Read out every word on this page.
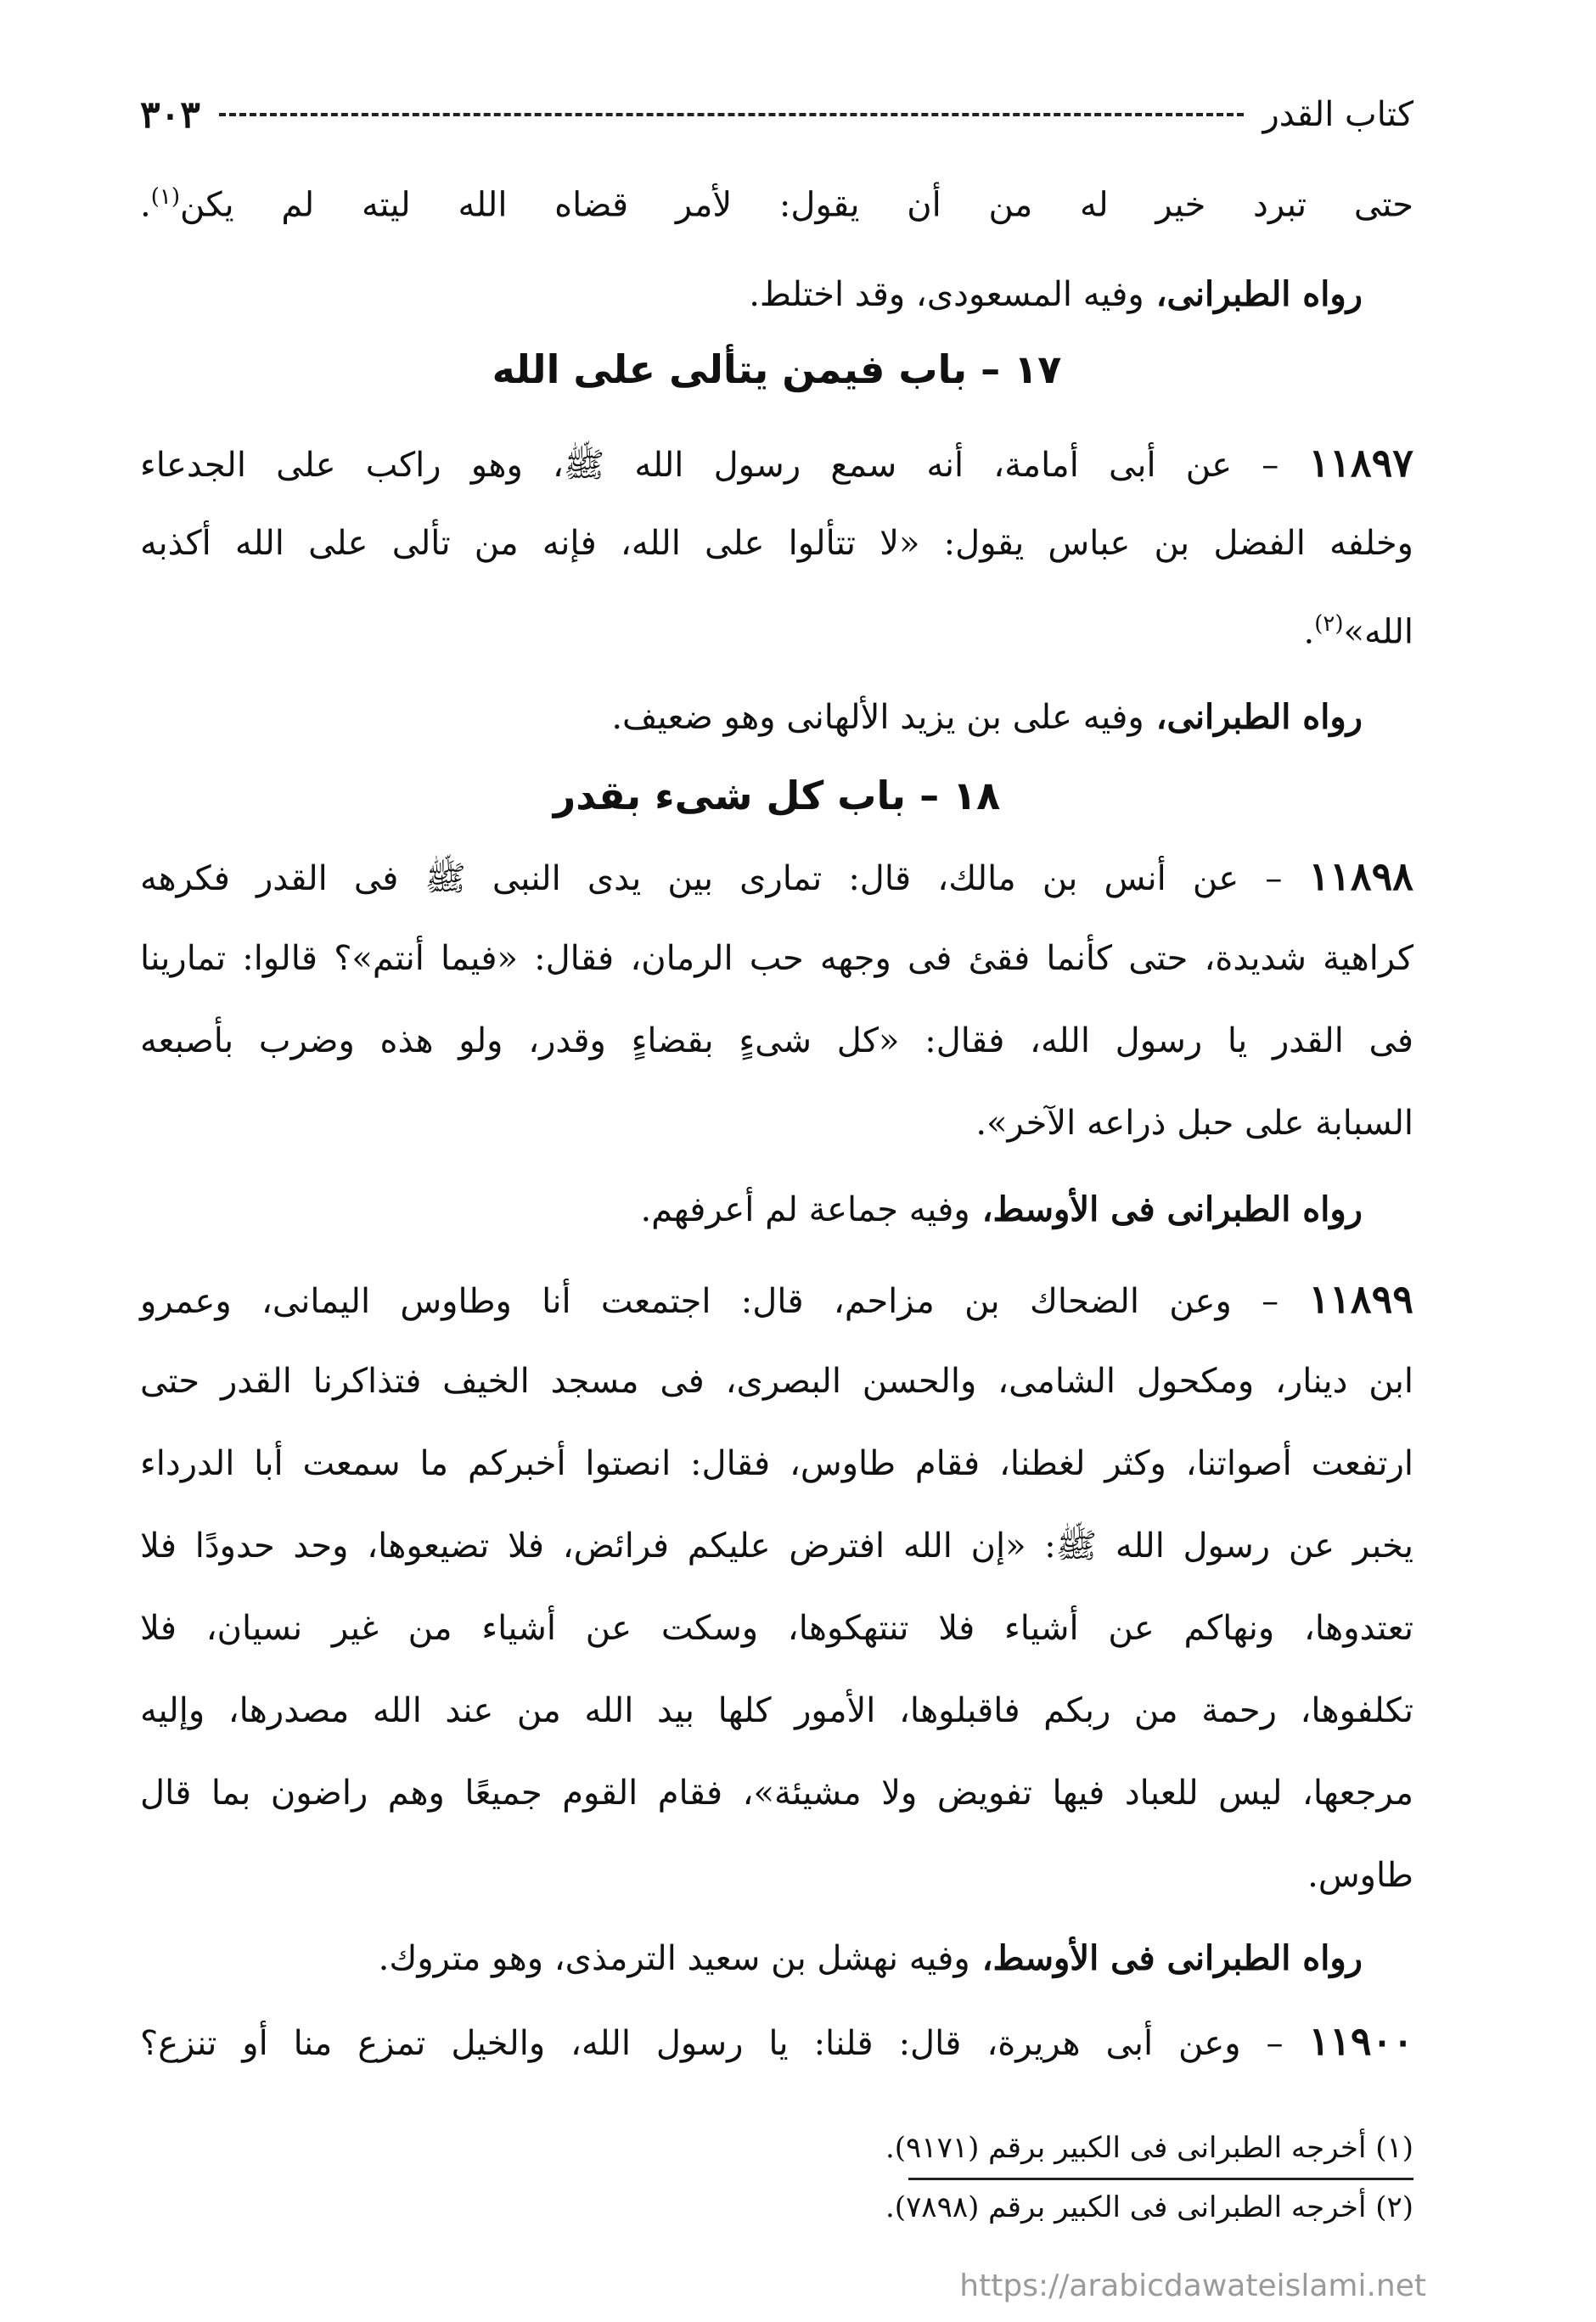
٣٠٣	كتاب القدر
حتى تبرد خير له من أن يقول: لأمر قضاه الله ليته لم يكن$^{(١)}$.
رواه الطبرانى، وفيه المسعودى، وقد اختلط.
١٧ – باب فيمن يتألى على الله
١١٨٩٧ – عن أبى أمامة، أنه سمع رسول الله ﷺ، وهو راكب على الجدعاء
وخلفه الفضل بن عباس يقول: «لا تتألوا على الله، فإنه من تألى على الله أكذبه
الله»$^{(٢)}$.
رواه الطبرانى، وفيه على بن يزيد الألهانى وهو ضعيف.
١٨ – باب كل شىء بقدر
١١٨٩٨ – عن أنس بن مالك، قال: تمارى بين يدى النبى ﷺ فى القدر فكرهه
كراهية شديدة، حتى كأنما فقئ فى وجهه حب الرمان، فقال: «فيما أنتم»؟ قالوا: تمارينا
فى القدر يا رسول الله، فقال: «كل شىءٍ بقضاءٍ وقدر، ولو هذه وضرب بأصبعه
السبابة على حبل ذراعه الآخر».
رواه الطبرانى فى الأوسط، وفيه جماعة لم أعرفهم.
١١٨٩٩ – وعن الضحاك بن مزاحم، قال: اجتمعت أنا وطاوس اليمانى، وعمرو
ابن دينار، ومكحول الشامى، والحسن البصرى، فى مسجد الخيف فتذاكرنا القدر حتى
ارتفعت أصواتنا، وكثر لغطنا، فقام طاوس، فقال: انصتوا أخبركم ما سمعت أبا الدرداء
يخبر عن رسول الله ﷺ: «إن الله افترض عليكم فرائض، فلا تضيعوها، وحد حدودًا فلا
تعتدوها، ونهاكم عن أشياء فلا تنتهكوها، وسكت عن أشياء من غير نسيان، فلا
تكلفوها، رحمة من ربكم فاقبلوها، الأمور كلها بيد الله من عند الله مصدرها، وإليه
مرجعها، ليس للعباد فيها تفويض ولا مشيئة»، فقام القوم جميعًا وهم راضون بما قال
طاوس.
رواه الطبرانى فى الأوسط، وفيه نهشل بن سعيد الترمذى، وهو متروك.
١١٩٠٠ – وعن أبى هريرة، قال: قلنا: يا رسول الله، والخيل تمزع منا أو تنزع؟
(١) أخرجه الطبرانى فى الكبير برقم (٩١٧١).
(٢) أخرجه الطبرانى فى الكبير برقم (٧٨٩٨).
https://arabicdawateislami.net
